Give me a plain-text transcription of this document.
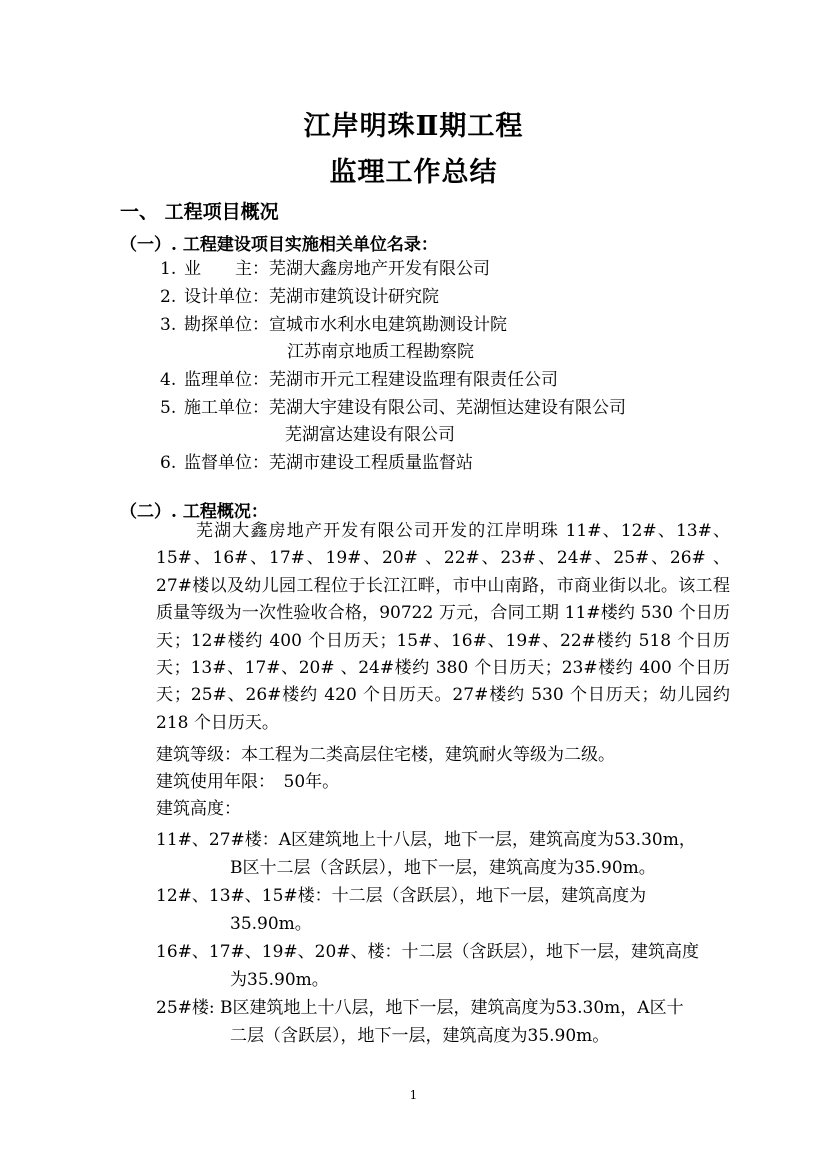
江岸明珠Ⅱ期工程
监理工作总结
一、 工程项目概况
（一）. 工程建设项目实施相关单位名录：
1. 业　　主：芜湖大鑫房地产开发有限公司
2. 设计单位：芜湖市建筑设计研究院
3. 勘探单位：宣城市水利水电建筑勘测设计院
江苏南京地质工程勘察院
4. 监理单位：芜湖市开元工程建设监理有限责任公司
5. 施工单位：芜湖大宇建设有限公司、芜湖恒达建设有限公司
芜湖富达建设有限公司
6. 监督单位：芜湖市建设工程质量监督站
（二）. 工程概况：

芜湖大鑫房地产开发有限公司开发的江岸明珠 11#、12#、13#、15#、16#、17#、19#、20# 、22#、23#、24#、25#、26# 、27#楼以及幼儿园工程位于长江江畔，市中山南路，市商业街以北。该工程质量等级为一次性验收合格，90722 万元，合同工期 11#楼约 530 个日历天；12#楼约 400 个日历天；15#、16#、19#、22#楼约 518 个日历天；13#、17#、20# 、24#楼约 380 个日历天；23#楼约 400 个日历天；25#、26#楼约 420 个日历天。27#楼约 530 个日历天；幼儿园约 218 个日历天。

建筑等级：本工程为二类高层住宅楼，建筑耐火等级为二级。
建筑使用年限：　50年。
建筑高度：
11#、27#楼：A区建筑地上十八层，地下一层，建筑高度为53.30m，
B区十二层（含跃层），地下一层，建筑高度为35.90m。
12#、13#、15#楼：十二层（含跃层），地下一层，建筑高度为
35.90m。
16#、17#、19#、20#、楼：十二层（含跃层），地下一层，建筑高度
为35.90m。
25#楼: B区建筑地上十八层，地下一层，建筑高度为53.30m，A区十
二层（含跃层），地下一层，建筑高度为35.90m。
1
